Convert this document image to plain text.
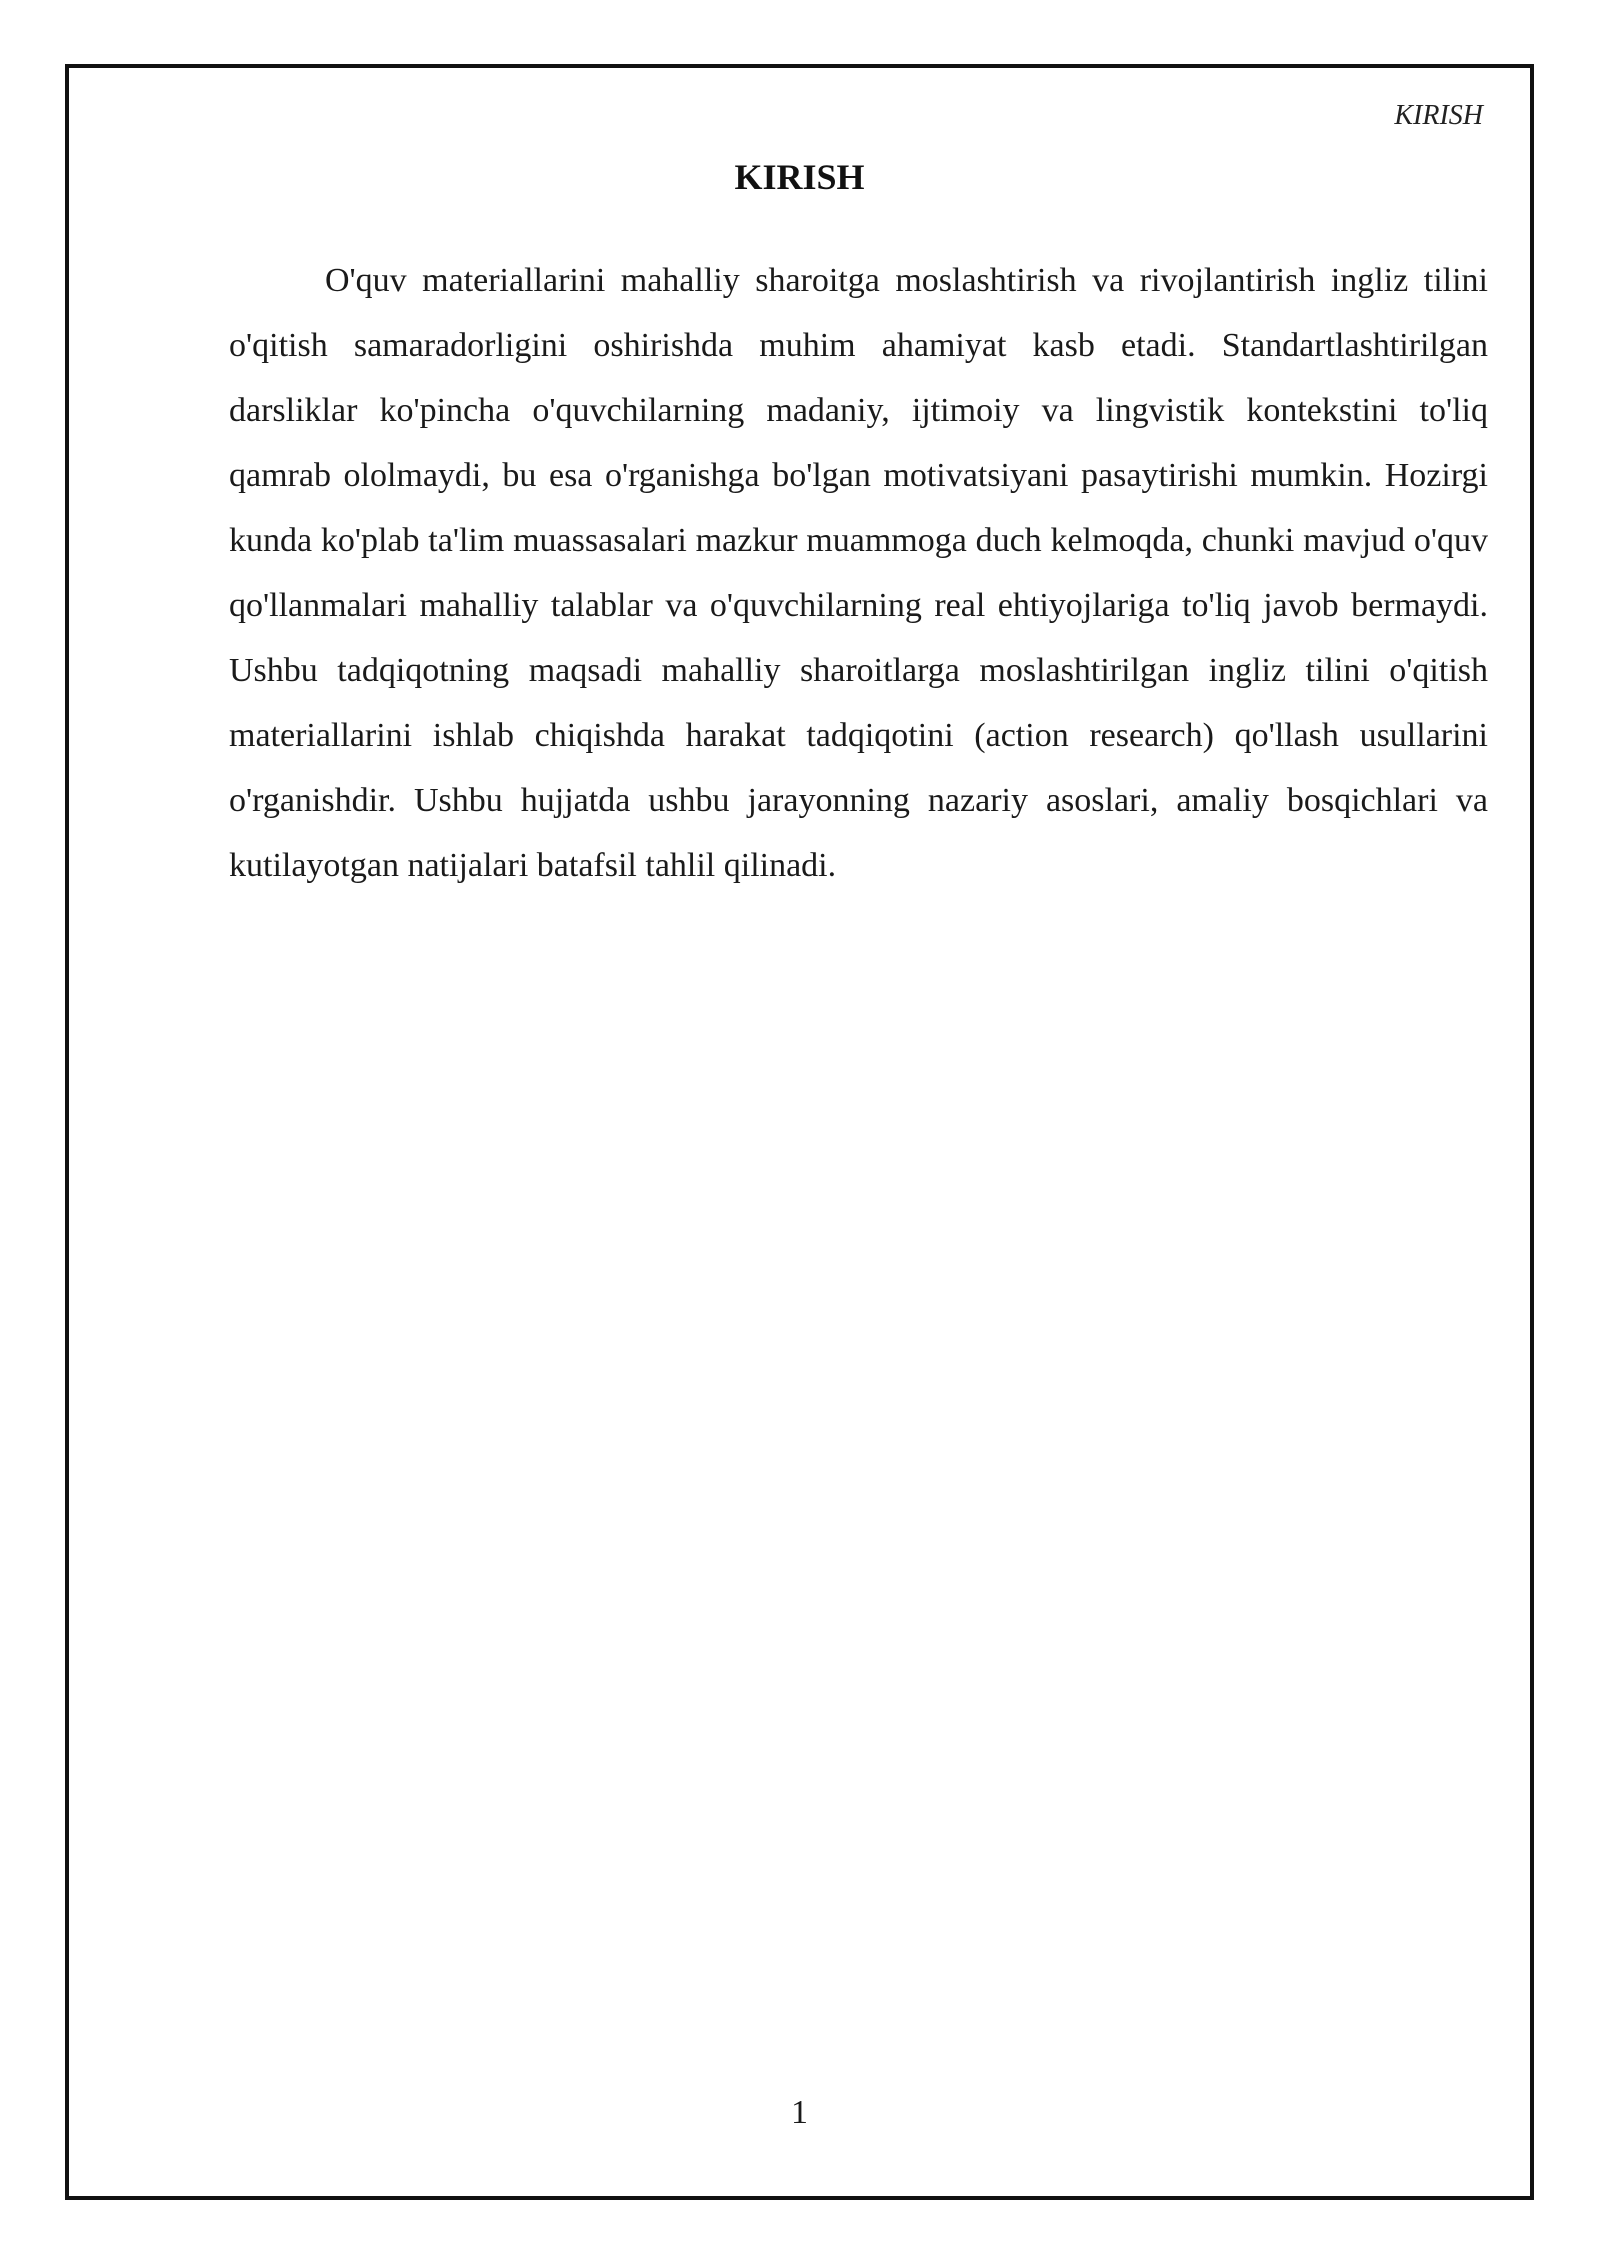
KIRISH
KIRISH

O'quv materiallarini mahalliy sharoitga moslashtirish va rivojlantirish ingliz tilini o'qitish samaradorligini oshirishda muhim ahamiyat kasb etadi. Standartlashtirilgan darsliklar ko'pincha o'quvchilarning madaniy, ijtimoiy va lingvistik kontekstini to'liq qamrab ololmaydi, bu esa o'rganishga bo'lgan motivatsiyani pasaytirishi mumkin. Hozirgi kunda ko'plab ta'lim muassasalari mazkur muammoga duch kelmoqda, chunki mavjud o'quv qo'llanmalari mahalliy talablar va o'quvchilarning real ehtiyojlariga to'liq javob bermaydi. Ushbu tadqiqotning maqsadi mahalliy sharoitlarga moslashtirilgan ingliz tilini o'qitish materiallarini ishlab chiqishda harakat tadqiqotini (action research) qo'llash usullarini o'rganishdir. Ushbu hujjatda ushbu jarayonning nazariy asoslari, amaliy bosqichlari va kutilayotgan natijalari batafsil tahlil qilinadi.

1
